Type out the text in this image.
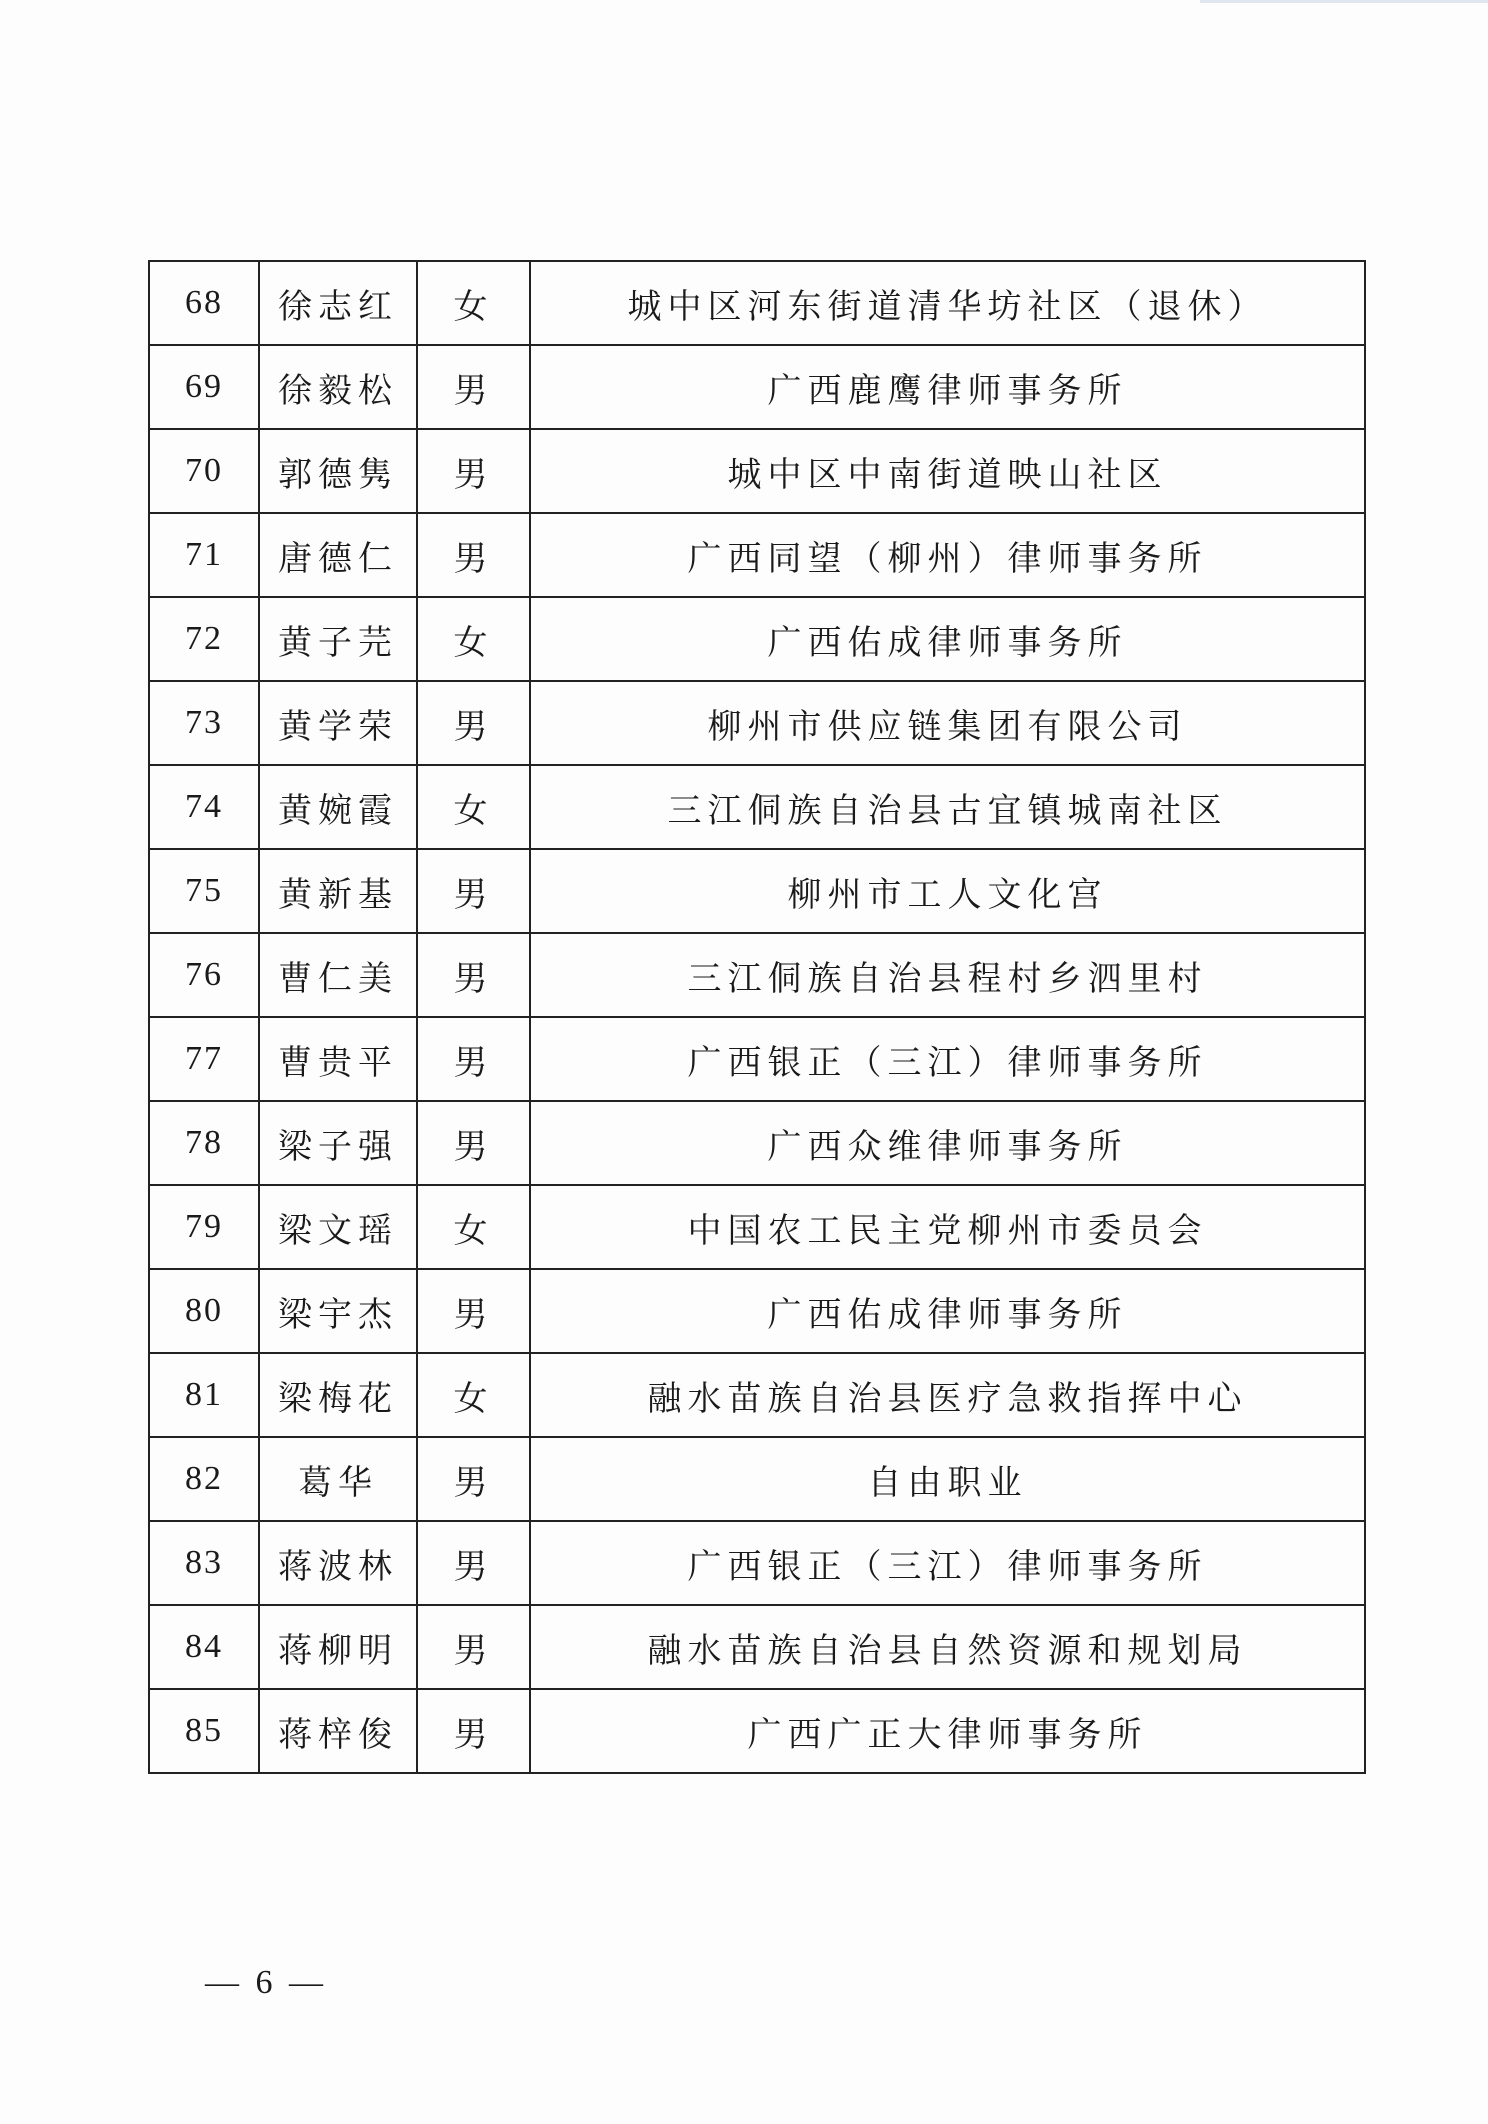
68	徐志红	女	城中区河东街道清华坊社区（退休）
69	徐毅松	男	广西鹿鹰律师事务所
70	郭德隽	男	城中区中南街道映山社区
71	唐德仁	男	广西同望（柳州）律师事务所
72	黄子芫	女	广西佑成律师事务所
73	黄学荣	男	柳州市供应链集团有限公司
74	黄婉霞	女	三江侗族自治县古宜镇城南社区
75	黄新基	男	柳州市工人文化宫
76	曹仁美	男	三江侗族自治县程村乡泗里村
77	曹贵平	男	广西银正（三江）律师事务所
78	梁子强	男	广西众维律师事务所
79	梁文瑶	女	中国农工民主党柳州市委员会
80	梁宇杰	男	广西佑成律师事务所
81	梁梅花	女	融水苗族自治县医疗急救指挥中心
82	葛华	男	自由职业
83	蒋波林	男	广西银正（三江）律师事务所
84	蒋柳明	男	融水苗族自治县自然资源和规划局
85	蒋梓俊	男	广西广正大律师事务所
— 6 —
